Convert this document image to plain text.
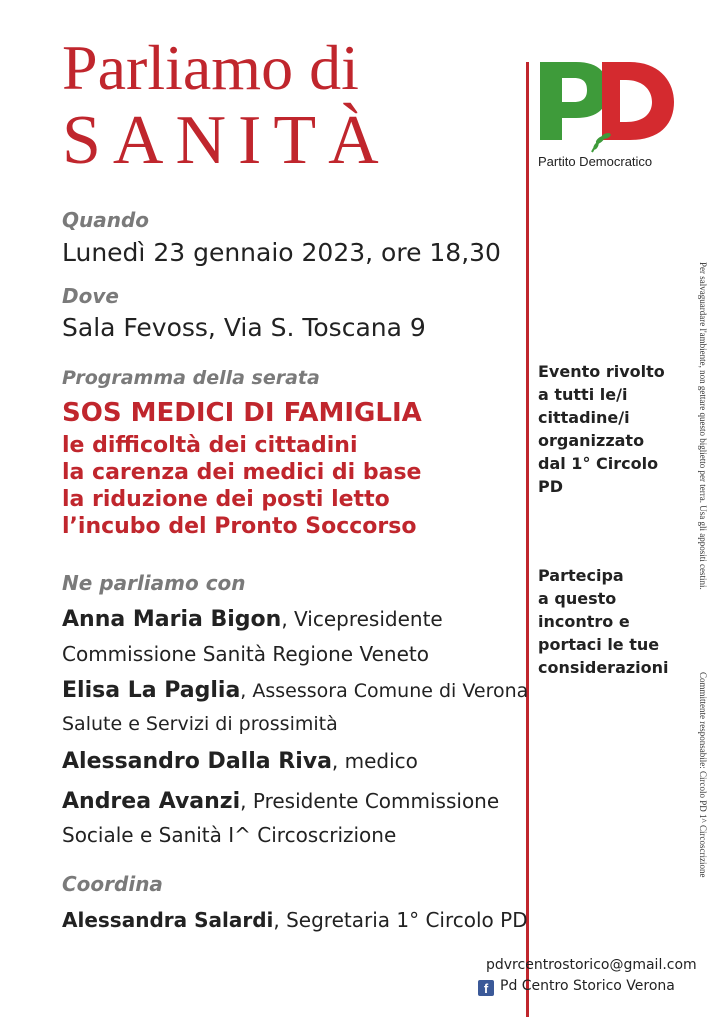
Parliamo di
SANITÀ	Partito Democratico
Quando
Lunedì 23 gennaio 2023, ore 18,30
Dove
Sala Fevoss, Via S. Toscana 9
Programma della serata
SOS MEDICI DI FAMIGLIA
le difficoltà dei cittadini
la carenza dei medici di base
la riduzione dei posti letto
l’incubo del Pronto Soccorso
Ne parliamo con
Anna Maria Bigon, Vicepresidente
Commissione Sanità Regione Veneto
Elisa La Paglia, Assessora Comune di Verona
Salute e Servizi di prossimità
Alessandro Dalla Riva, medico
Andrea Avanzi, Presidente Commissione
Sociale e Sanità I^ Circoscrizione
Coordina
Alessandra Salardi, Segretaria 1° Circolo PD
Evento rivolto
a tutti le/i
cittadine/i
organizzato
dal 1° Circolo
PD
Partecipa
a questo
incontro e
portaci le tue
considerazioni
Per salvaguardare l'ambiente, non gettare questo biglietto per terra. Usa gli appositi cestini.
Committente responsabile: Circolo PD 1^ Circoscrizione
pdvrcentrostorico@gmail.com
f Pd Centro Storico Verona
